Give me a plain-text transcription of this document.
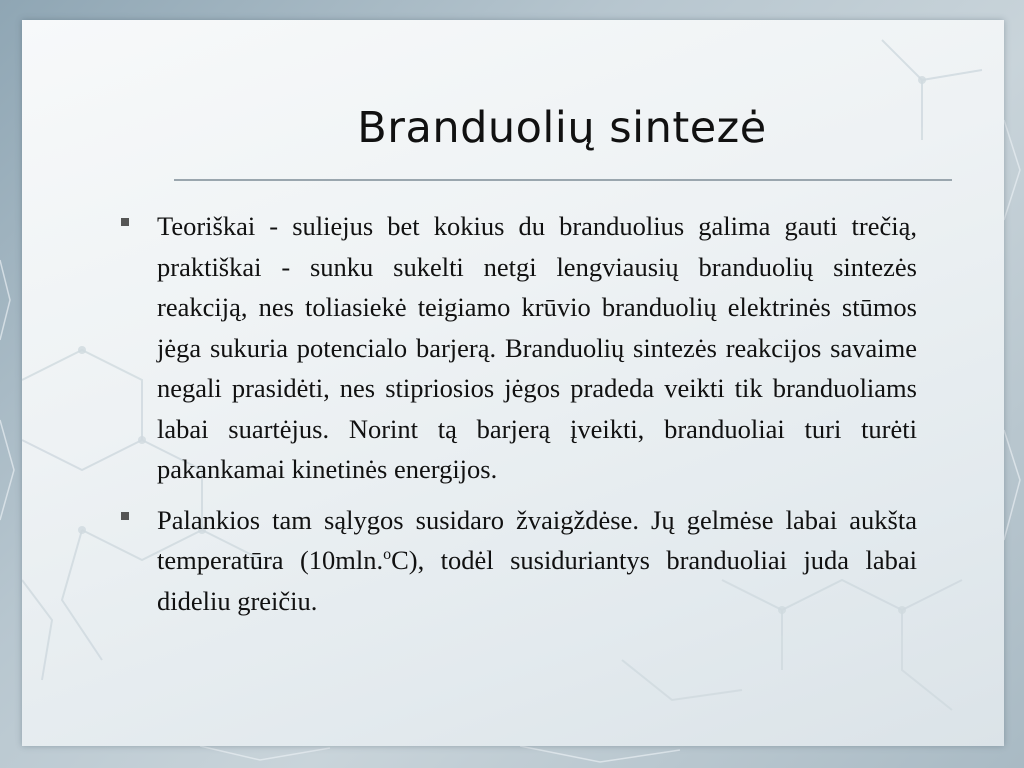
Branduolių sintezė
Teoriškai - suliejus bet kokius du branduolius galima gauti trečią, praktiškai - sunku sukelti netgi lengviausių branduolių sintezės reakciją, nes toliasiekė teigiamo krūvio branduolių elektrinės stūmos jėga sukuria potencialo barjerą. Branduolių sintezės reakcijos savaime negali prasidėti, nes stipriosios jėgos pradeda veikti tik branduoliams labai suartėjus. Norint tą barjerą įveikti, branduoliai turi turėti pakankamai kinetinės energijos.
Palankios tam sąlygos susidaro žvaigždėse. Jų gelmėse labai aukšta temperatūra (10mln.$^o$C), todėl susiduriantys branduoliai juda labai dideliu greičiu.
